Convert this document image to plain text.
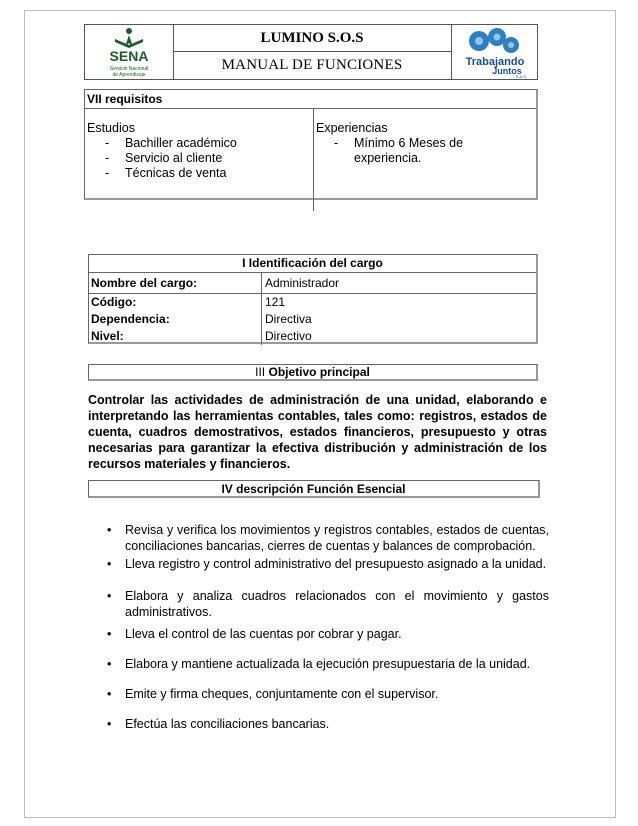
SENA
Servicio Nacional
de Aprendizaje
LUMINO S.O.S
MANUAL DE FUNCIONES	Trabajando
Juntos
S.A.S
VII requisitos
Estudios
- Bachiller académico
- Servicio al cliente
- Técnicas de venta
Experiencias
- Mínimo 6 Meses de experiencia.
I Identificación del cargo
Nombre del cargo:	Administrador
Código:	121
Dependencia:	Directiva
Nivel:	Directivo
III Objetivo principal
Controlar las actividades de administración de una unidad, elaborando e interpretando las herramientas contables, tales como: registros, estados de cuenta, cuadros demostrativos, estados financieros, presupuesto y otras necesarias para garantizar la efectiva distribución y administración de los recursos materiales y financieros.
IV descripción Función Esencial
• Revisa y verifica los movimientos y registros contables, estados de cuentas, conciliaciones bancarias, cierres de cuentas y balances de comprobación.
• Lleva registro y control administrativo del presupuesto asignado a la unidad.
• Elabora y analiza cuadros relacionados con el movimiento y gastos administrativos.
• Lleva el control de las cuentas por cobrar y pagar.
• Elabora y mantiene actualizada la ejecución presupuestaria de la unidad.
• Emite y firma cheques, conjuntamente con el supervisor.
• Efectúa las conciliaciones bancarias.
